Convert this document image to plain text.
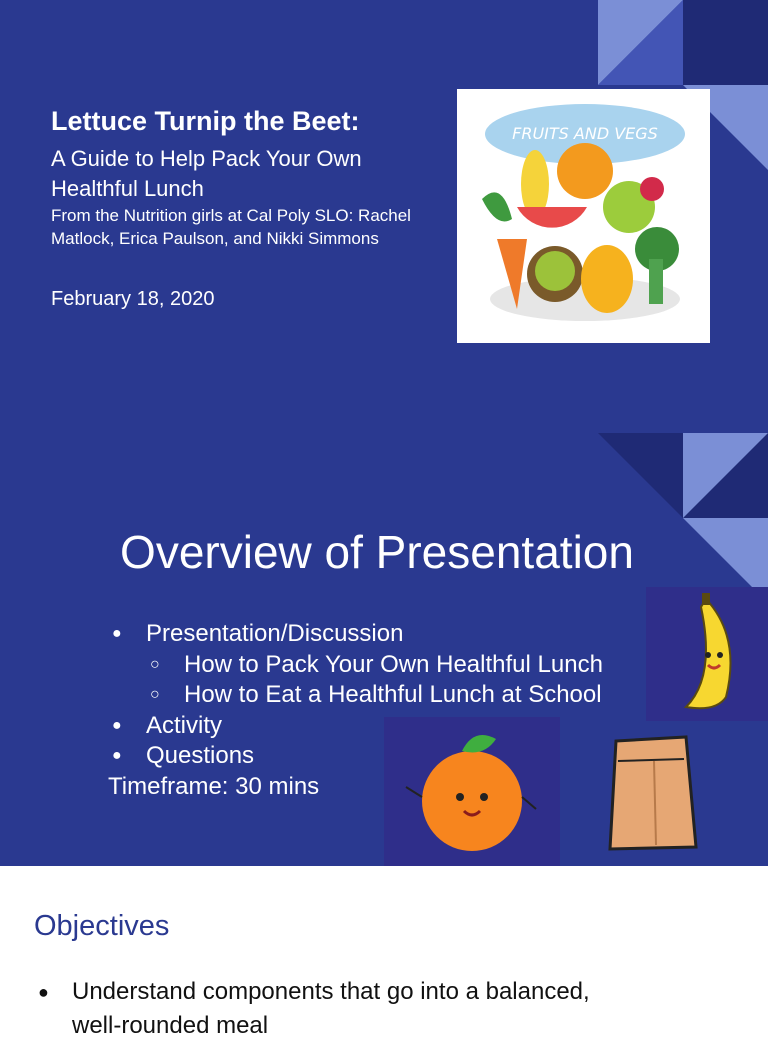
Lettuce Turnip the Beet:
A Guide to Help Pack Your Own Healthful Lunch
From the Nutrition girls at Cal Poly SLO: Rachel Matlock, Erica Paulson, and Nikki Simmons
February 18, 2020
FRUITS AND VEGS
Overview of Presentation
● Presentation/Discussion
○ How to Pack Your Own Healthful Lunch
○ How to Eat a Healthful Lunch at School
● Activity
● Questions
Timeframe: 30 mins
Objectives
● Understand components that go into a balanced,
well-rounded meal
